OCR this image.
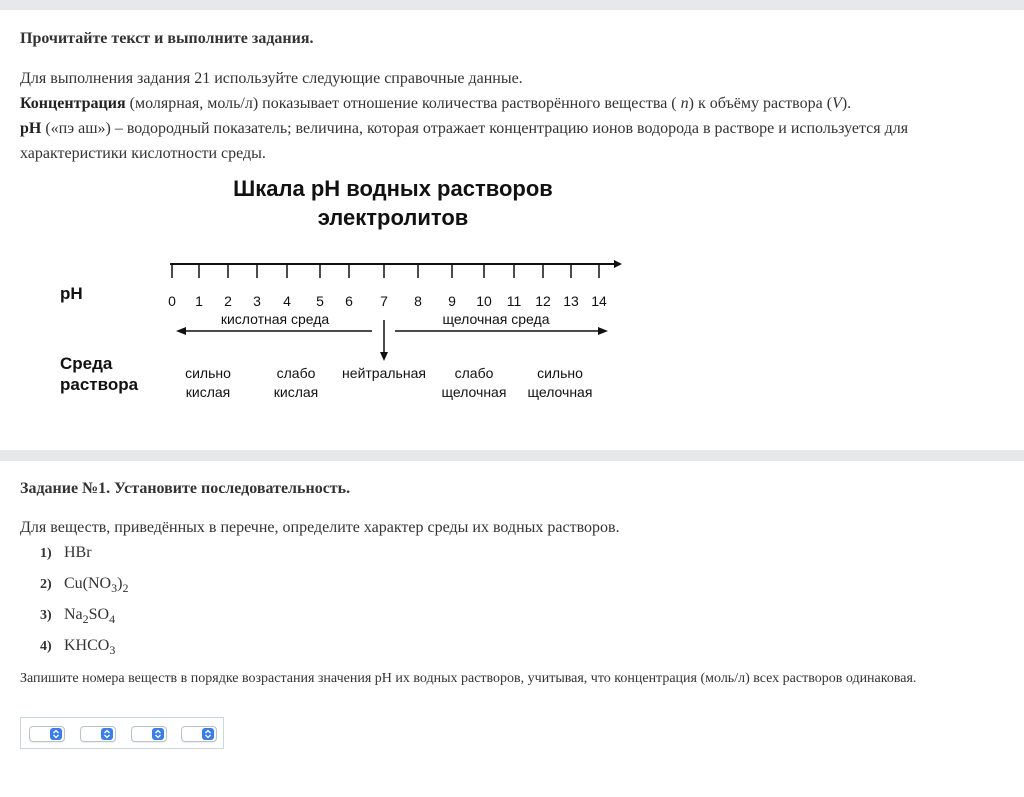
Прочитайте текст и выполните задания.
Для выполнения задания 21 используйте следующие справочные данные.
Концентрация (молярная, моль/л) показывает отношение количества растворённого вещества ( n) к объёму раствора (V).
pH («пэ аш») – водородный показатель; величина, которая отражает концентрацию ионов водорода в растворе и используется для характеристики кислотности среды.
Шкала pH водных растворов
электролитов
pH
Среда
раствора
0 1 2 3 4 5 6 7 8 9 10 11 12 13 14
кислотная среда	щелочная среда
сильно
кислая
слабо
кислая
нейтральная слабо
щелочная
сильно
щелочная
Задание №1. Установите последовательность.
Для веществ, приведённых в перечне, определите характер среды их водных растворов.
1) HBr
2) $Cu(NO_3)_2$
3) $Na_2SO_4$
4) $KHCO_3$
Запишите номера веществ в порядке возрастания значения pH их водных растворов, учитывая, что концентрация (моль/л) всех растворов одинаковая.
